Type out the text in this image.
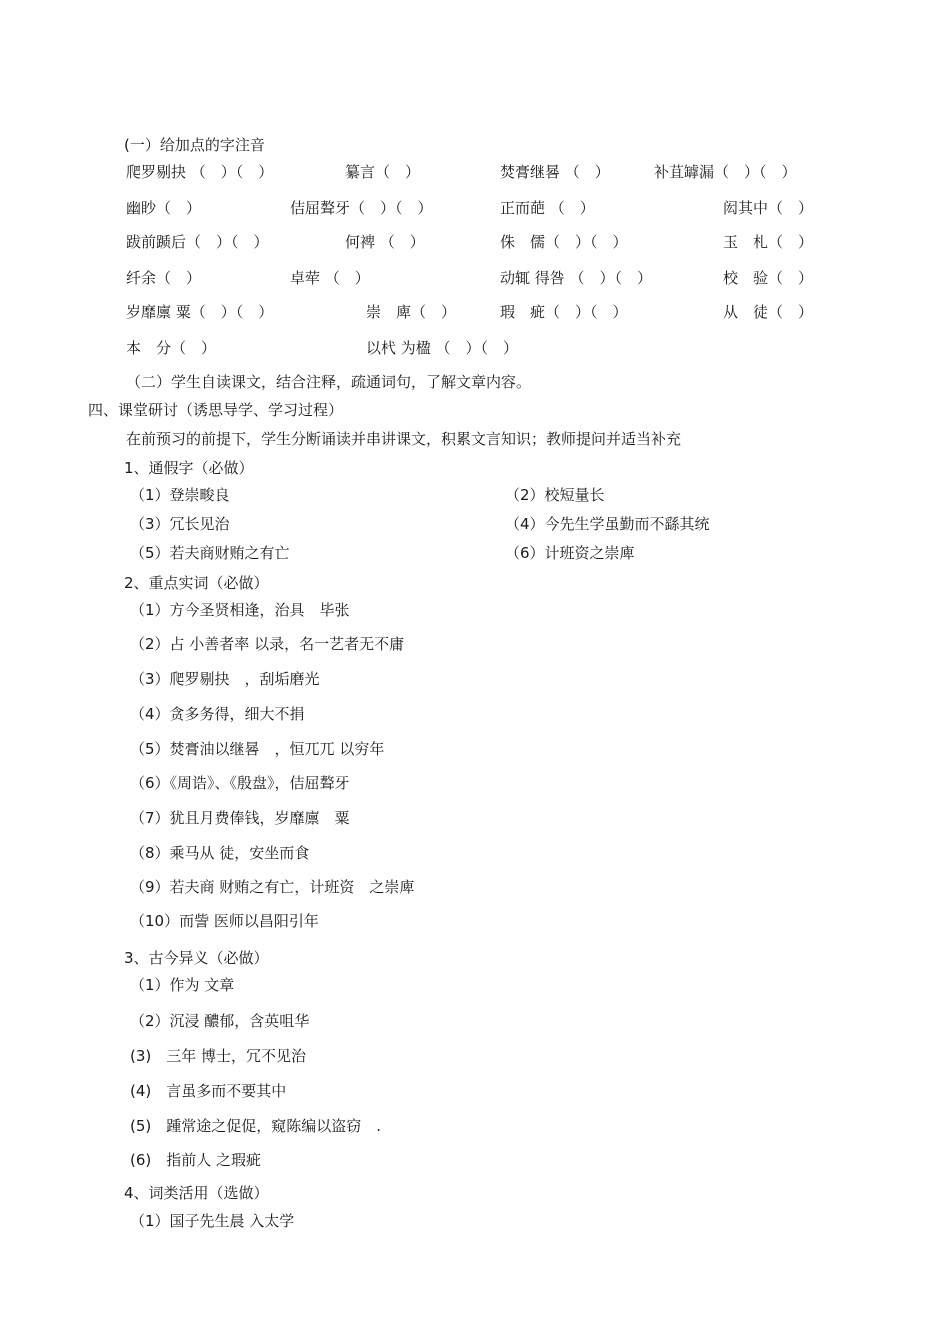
(一）给加点的字注音
爬罗剔抉 （　）（　）	纂言（　）	焚膏继晷 （　）	补苴罅漏（　）（　）
幽眇（　）	佶屈聱牙（　）（　）	正而葩 （　）	闳其中（　）
跋前踬后（　）（　）	何裨 （　）	侏　儒（　）（　）	玉　札（　）
纤余（　）	卓荦 （　）	动辄 得咎 （　）（　）	校　验（　）
岁靡廪 粟（　）（　）	崇　庳（　）	瑕　疵（　）（　）	从　徒（　）
本　分（　）	以杙 为楹 （　）（　）
（二）学生自读课文，结合注释，疏通词句，了解文章内容。
四、课堂研讨（诱思导学、学习过程）
在前预习的前提下，学生分断诵读并串讲课文，积累文言知识；教师提问并适当补充
1、通假字（必做）
（1）登崇畯良	（2）校短量长
（3）冗长见治	（4）今先生学虽勤而不繇其统
（5）若夫商财贿之有亡	（6）计班资之崇庳
2、重点实词（必做）
（1）方今圣贤相逢，治具　毕张
（2）占 小善者率 以录，名一艺者无不庸
（3）爬罗剔抉　，刮垢磨光
（4）贪多务得，细大不捐
（5）焚膏油以继晷　，恒兀兀 以穷年
（6）《周诰》、《殷盘》，佶屈聱牙
（7）犹且月费俸钱，岁靡廪　粟
（8）乘马从 徒，安坐而食
（9）若夫商 财贿之有亡，计班资　之崇庳
（10）而訾 医师以昌阳引年
3、古今异义（必做）
（1）作为 文章
（2）沉浸 醲郁，含英咀华
(3)　三年 博士，冗不见治
(4)　言虽多而不要其中
(5)　踵常途之促促，窥陈编以盗窃　.
(6)　指前人 之瑕疵
4、词类活用（选做）
（1）国子先生晨 入太学
